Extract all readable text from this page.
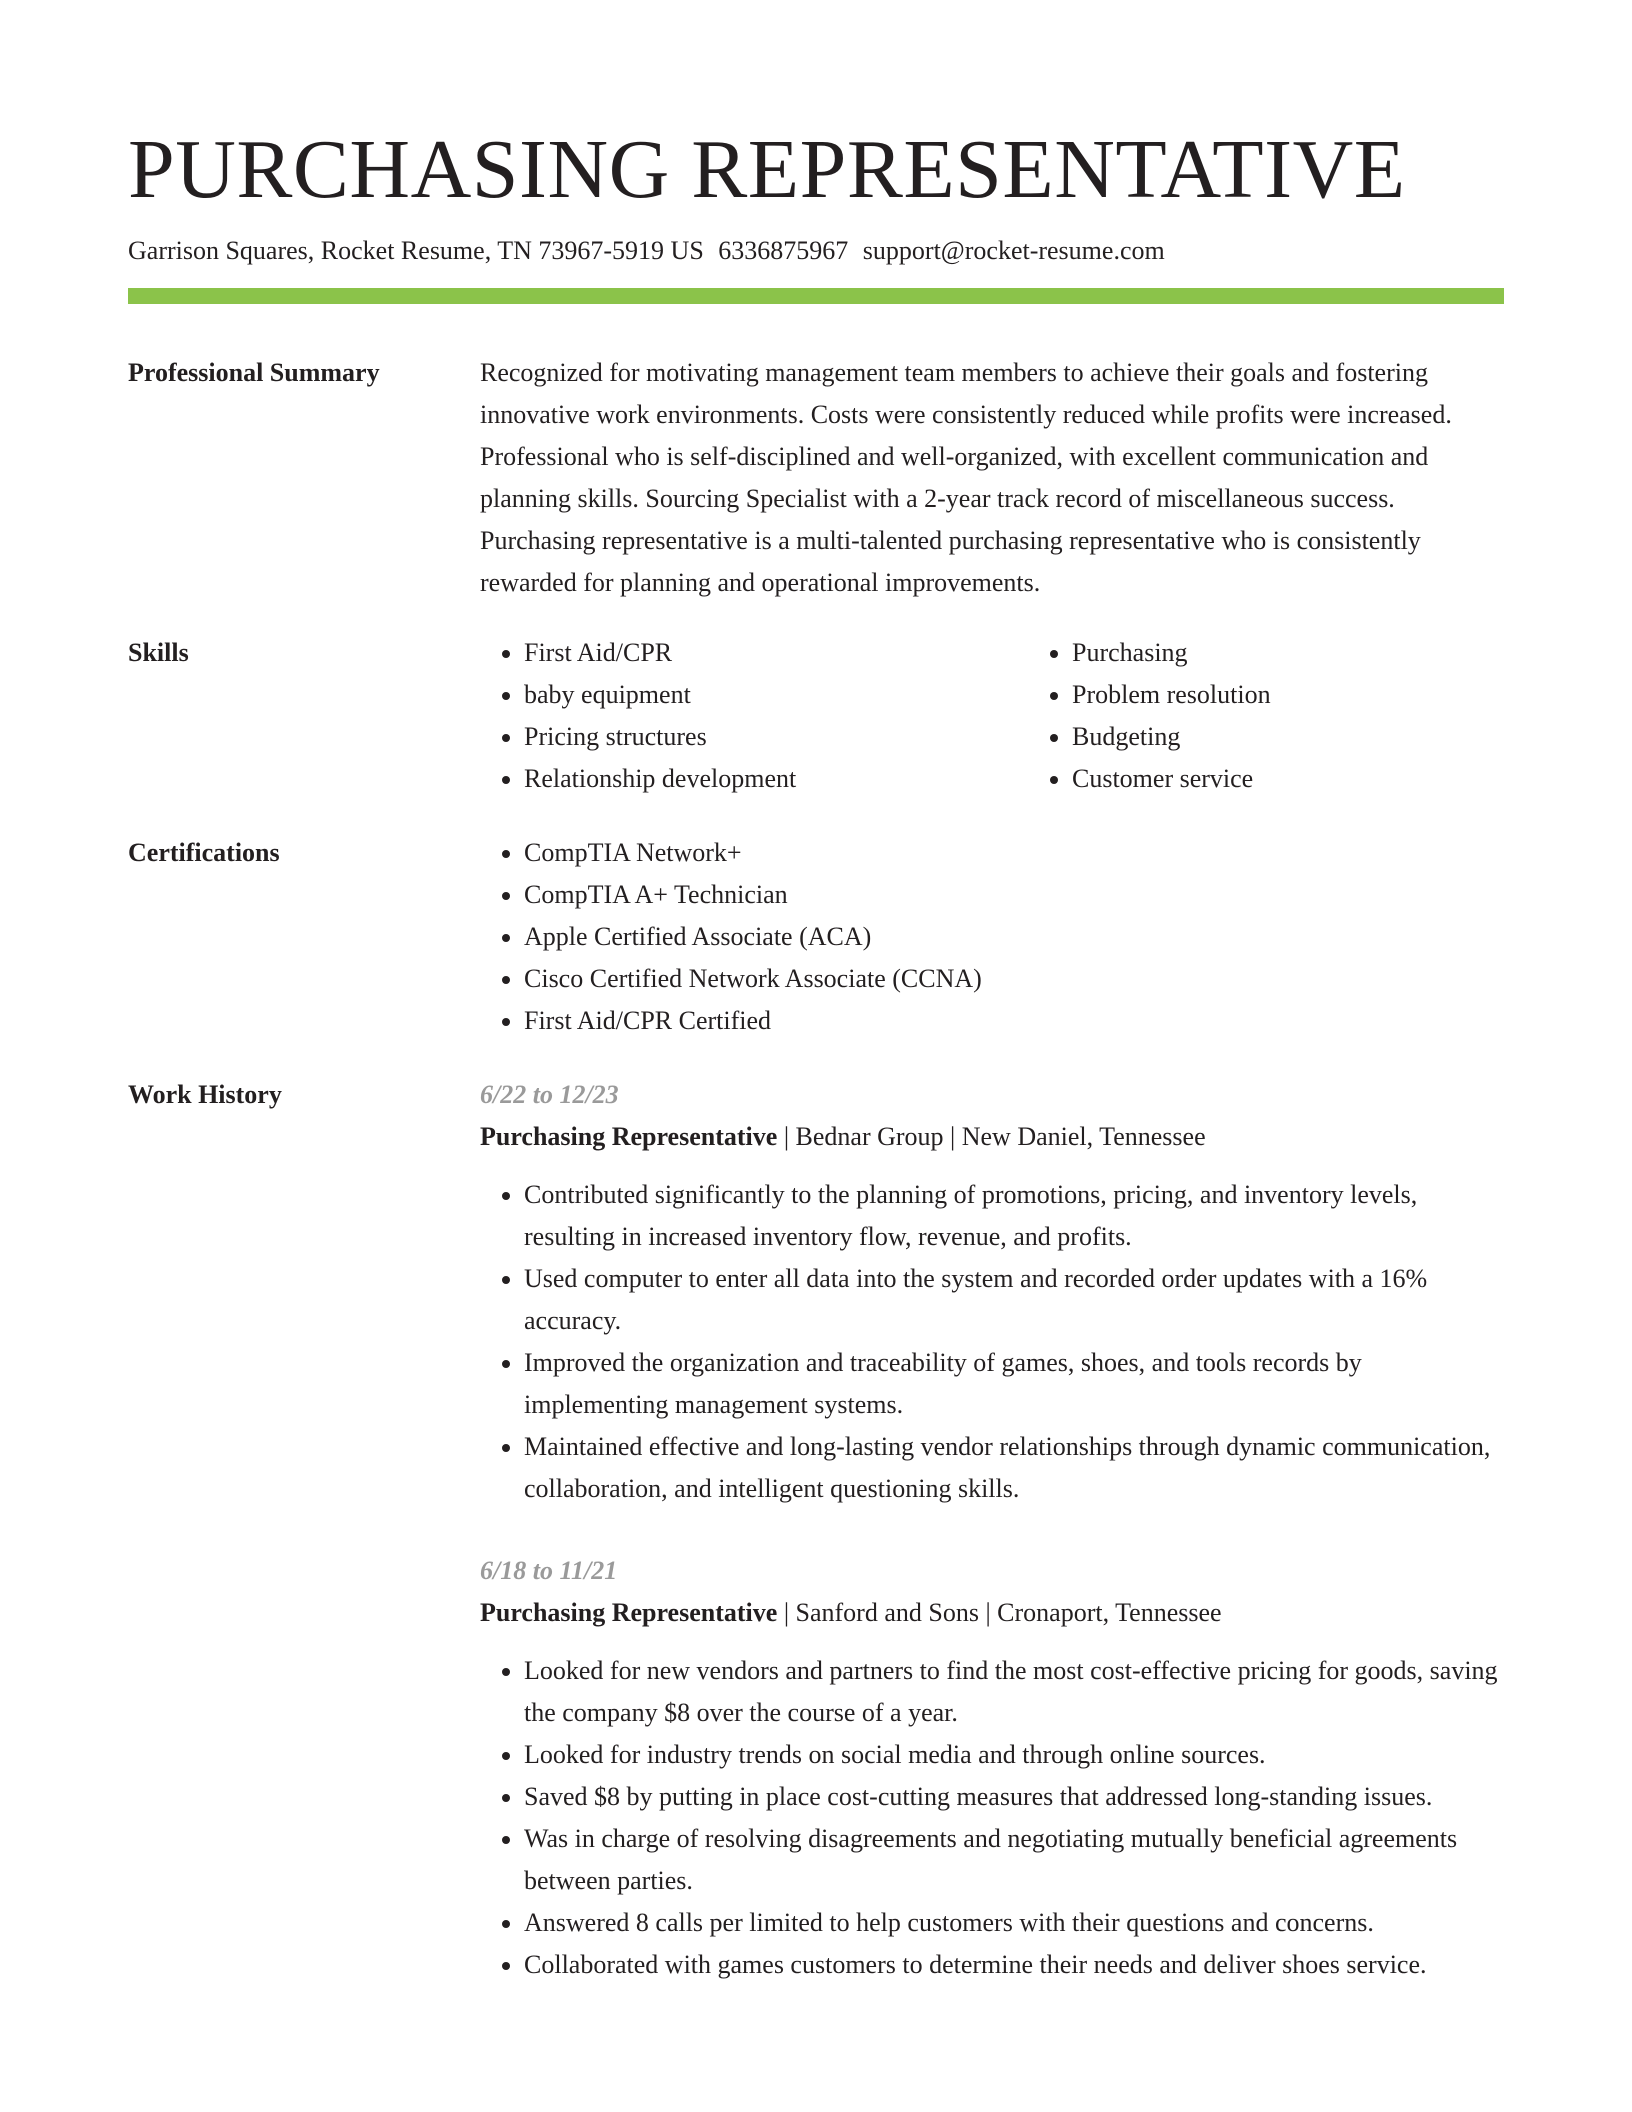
PURCHASING REPRESENTATIVE
Garrison Squares, Rocket Resume, TN 73967-5919 US 6336875967 support@rocket-resume.com
Professional Summary	Recognized for motivating management team members to achieve their goals and fostering innovative work environments. Costs were consistently reduced while profits were increased. Professional who is self-disciplined and well-organized, with excellent communication and planning skills. Sourcing Specialist with a 2-year track record of miscellaneous success. Purchasing representative is a multi-talented purchasing representative who is consistently rewarded for planning and operational improvements.

Skills	• First Aid/CPR
• baby equipment
• Pricing structures
• Relationship development
• Purchasing
• Problem resolution
• Budgeting
• Customer service
Certifications	• CompTIA Network+
• CompTIA A+ Technician
• Apple Certified Associate (ACA)
• Cisco Certified Network Associate (CCNA)
• First Aid/CPR Certified
Work History	6/22 to 12/23
Purchasing Representative | Bednar Group | New Daniel, Tennessee
• Contributed significantly to the planning of promotions, pricing, and inventory levels, resulting in increased inventory flow, revenue, and profits.
• Used computer to enter all data into the system and recorded order updates with a 16% accuracy.
• Improved the organization and traceability of games, shoes, and tools records by implementing management systems.
• Maintained effective and long-lasting vendor relationships through dynamic communication, collaboration, and intelligent questioning skills.
6/18 to 11/21
Purchasing Representative | Sanford and Sons | Cronaport, Tennessee
• Looked for new vendors and partners to find the most cost-effective pricing for goods, saving the company $8 over the course of a year.
• Looked for industry trends on social media and through online sources.
• Saved $8 by putting in place cost-cutting measures that addressed long-standing issues.
• Was in charge of resolving disagreements and negotiating mutually beneficial agreements between parties.
• Answered 8 calls per limited to help customers with their questions and concerns.
• Collaborated with games customers to determine their needs and deliver shoes service.
